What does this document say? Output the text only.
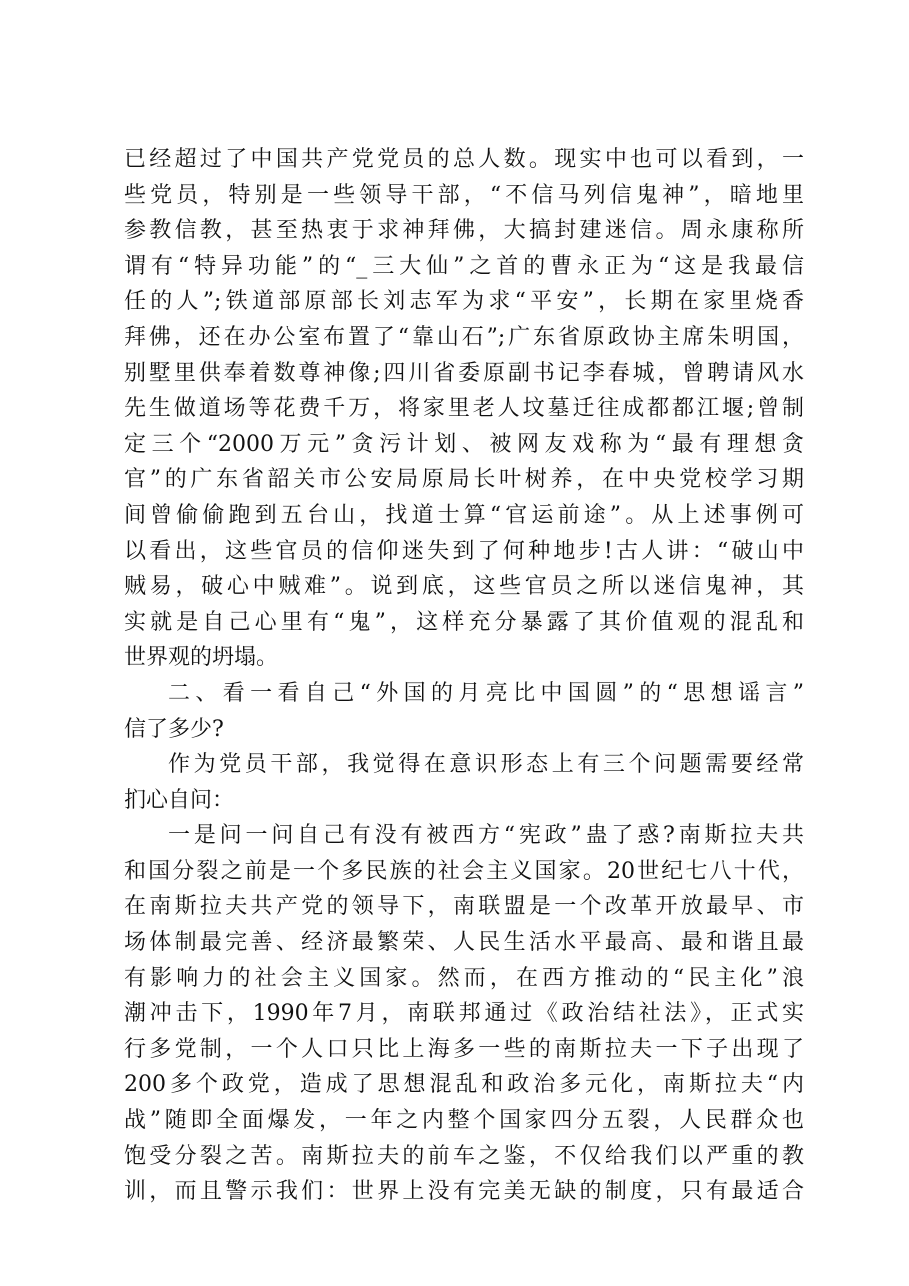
已经超过了中国共产党党员的总人数。现实中也可以看到，一
些党员，特别是一些领导干部，“不信马列信鬼神”，暗地里
参教信教，甚至热衷于求神拜佛，大搞封建迷信。周永康称所
谓有“特异功能”的“_三大仙”之首的曹永正为“这是我最信
任的人”;铁道部原部长刘志军为求“平安”，长期在家里烧香
拜佛，还在办公室布置了“靠山石”;广东省原政协主席朱明国，
别墅里供奉着数尊神像;四川省委原副书记李春城，曾聘请风水
先生做道场等花费千万，将家里老人坟墓迁往成都都江堰;曾制
定三个“2000万元”贪污计划、被网友戏称为“最有理想贪
官”的广东省韶关市公安局原局长叶树养，在中央党校学习期
间曾偷偷跑到五台山，找道士算“官运前途”。从上述事例可
以看出，这些官员的信仰迷失到了何种地步!古人讲：“破山中
贼易，破心中贼难”。说到底，这些官员之所以迷信鬼神，其
实就是自己心里有“鬼”，这样充分暴露了其价值观的混乱和
世界观的坍塌。
二、看一看自己“外国的月亮比中国圆”的“思想谣言”
信了多少?
作为党员干部，我觉得在意识形态上有三个问题需要经常
扪心自问：
一是问一问自己有没有被西方“宪政”蛊了惑?南斯拉夫共
和国分裂之前是一个多民族的社会主义国家。20世纪七八十代，
在南斯拉夫共产党的领导下，南联盟是一个改革开放最早、市
场体制最完善、经济最繁荣、人民生活水平最高、最和谐且最
有影响力的社会主义国家。然而，在西方推动的“民主化”浪
潮冲击下，1990年7月，南联邦通过《政治结社法》，正式实
行多党制，一个人口只比上海多一些的南斯拉夫一下子出现了
200多个政党，造成了思想混乱和政治多元化，南斯拉夫“内
战”随即全面爆发，一年之内整个国家四分五裂，人民群众也
饱受分裂之苦。南斯拉夫的前车之鉴，不仅给我们以严重的教
训，而且警示我们：世界上没有完美无缺的制度，只有最适合
